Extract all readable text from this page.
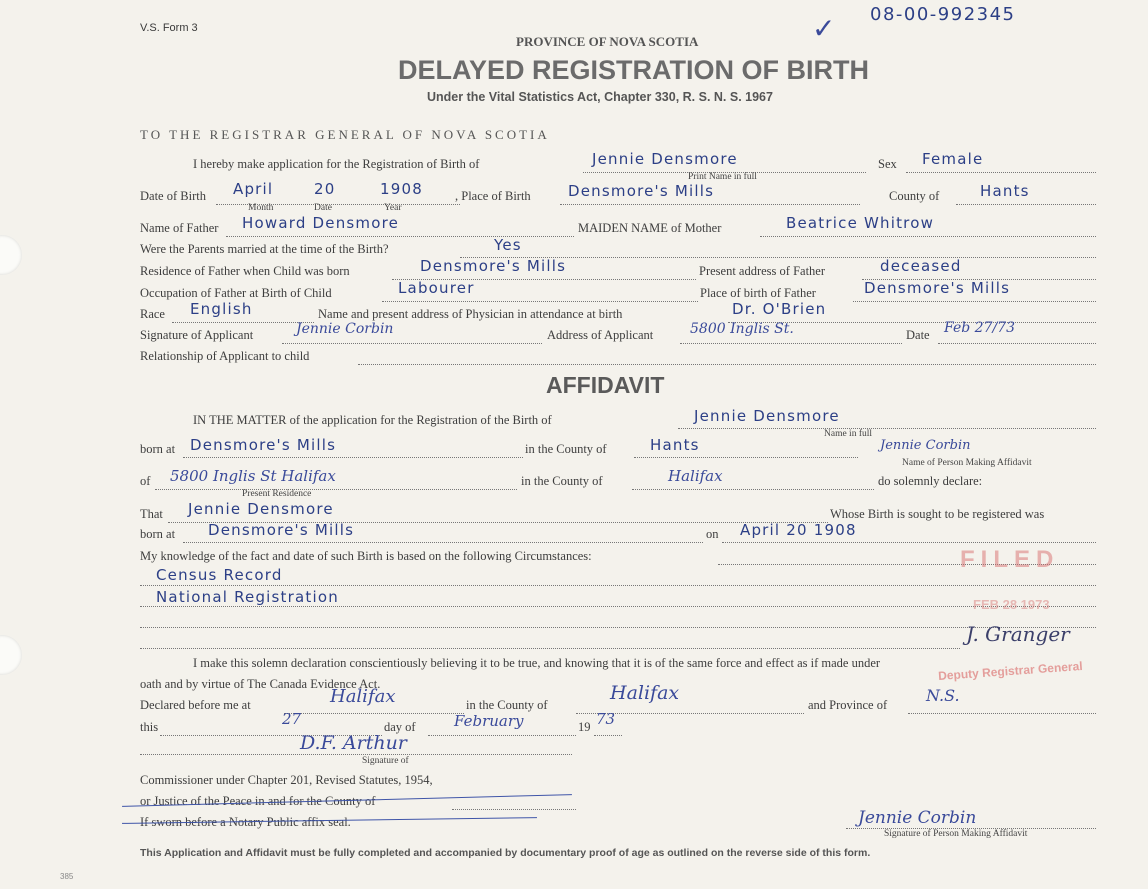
V.S. Form 3	✓ 08-00-992345
PROVINCE OF NOVA SCOTIA
DELAYED REGISTRATION OF BIRTH
Under the Vital Statistics Act, Chapter 330, R. S. N. S. 1967
TO THE REGISTRAR GENERAL OF NOVA SCOTIA
I hereby make application for the Registration of Birth of	Jennie Densmore
Print Name in full
Sex Female
Date of Birth April	20	1908
Month	Date	Year
, Place of Birth Densmore's Mills	County of	Hants
Name of Father Howard Densmore	MAIDEN NAME of Mother	Beatrice Whitrow
Were the Parents married at the time of the Birth?	Yes
Residence of Father when Child was born	Densmore's Mills	Present address of Father	deceased
Occupation of Father at Birth of Child	Labourer	Place of birth of Father	Densmore's Mills
Race English	Name and present address of Physician in attendance at birth	Dr. O'Brien
Signature of Applicant	Jennie Corbin	Address of Applicant	5800 Inglis St.	Date Feb 27/73
Relationship of Applicant to child
AFFIDAVIT
IN THE MATTER of the application for the Registration of the Birth of	Jennie Densmore
Name in full
born at Densmore's Mills	in the County of	Hants	Jennie Corbin
Name of Person Making Affidavit
of 5800 Inglis St Halifax
Present Residence
in the County of	Halifax	do solemnly declare:
That Jennie Densmore	Whose Birth is sought to be registered was
born at Densmore's Mills	on April 20 1908
My knowledge of the fact and date of such Birth is based on the following Circumstances:
Census Record
National Registration
I make this solemn declaration conscientiously believing it to be true, and knowing that it is of the same force and effect as if made under
oath and by virtue of The Canada Evidence Act.
Declared before me at	Halifax	in the County of
Halifax
and Province of N.S.
this	27	day of	February	19 73
D.F. Arthur
Signature of
Commissioner under Chapter 201, Revised Statutes, 1954,
or Justice of the Peace in and for the County of
If sworn before a Notary Public affix seal.	Jennie Corbin
Signature of Person Making Affidavit
FILED
FEB 28 1973
J. Granger
Deputy Registrar General
This Application and Affidavit must be fully completed and accompanied by documentary proof of age as outlined on the reverse side of this form.
385
